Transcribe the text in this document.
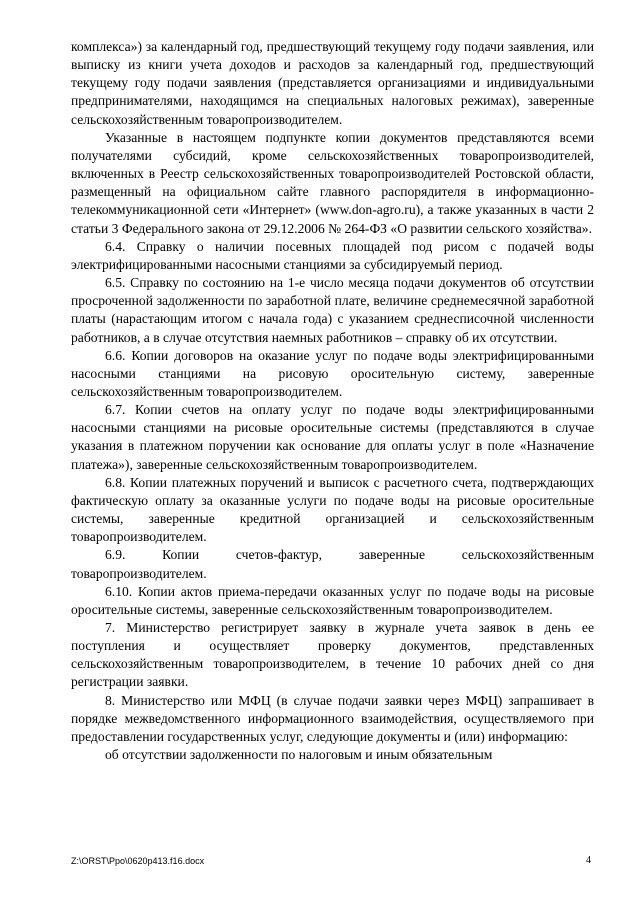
комплекса») за календарный год, предшествующий текущему году подачи заявления, или выписку из книги учета доходов и расходов за календарный год, предшествующий текущему году подачи заявления (представляется организациями и индивидуальными предпринимателями, находящимся на специальных налоговых режимах), заверенные сельскохозяйственным товаропроизводителем.

Указанные в настоящем подпункте копии документов представляются всеми получателями субсидий, кроме сельскохозяйственных товаропроизводителей, включенных в Реестр сельскохозяйственных товаропроизводителей Ростовской области, размещенный на официальном сайте главного распорядителя в информационно-телекоммуникационной сети «Интернет» (www.don-agro.ru), а также указанных в части 2 статьи 3 Федерального закона от 29.12.2006 № 264-ФЗ «О развитии сельского хозяйства».

6.4. Справку о наличии посевных площадей под рисом с подачей воды электрифицированными насосными станциями за субсидируемый период.

6.5. Справку по состоянию на 1-е число месяца подачи документов об отсутствии просроченной задолженности по заработной плате, величине среднемесячной заработной платы (нарастающим итогом с начала года) с указанием среднесписочной численности работников, а в случае отсутствия наемных работников – справку об их отсутствии.

6.6. Копии договоров на оказание услуг по подаче воды электрифицированными насосными станциями на рисовую оросительную систему, заверенные сельскохозяйственным товаропроизводителем.

6.7. Копии счетов на оплату услуг по подаче воды электрифицированными насосными станциями на рисовые оросительные системы (представляются в случае указания в платежном поручении как основание для оплаты услуг в поле «Назначение платежа»), заверенные сельскохозяйственным товаропроизводителем.

6.8. Копии платежных поручений и выписок с расчетного счета, подтверждающих фактическую оплату за оказанные услуги по подаче воды на рисовые оросительные системы, заверенные кредитной организацией и сельскохозяйственным товаропроизводителем.

6.9. Копии счетов-фактур, заверенные сельскохозяйственным товаропроизводителем.

6.10. Копии актов приема-передачи оказанных услуг по подаче воды на рисовые оросительные системы, заверенные сельскохозяйственным товаропроизводителем.

7. Министерство регистрирует заявку в журнале учета заявок в день ее поступления и осуществляет проверку документов, представленных сельскохозяйственным товаропроизводителем, в течение 10 рабочих дней со дня регистрации заявки.

8. Министерство или МФЦ (в случае подачи заявки через МФЦ) запрашивает в порядке межведомственного информационного взаимодействия, осуществляемого при предоставлении государственных услуг, следующие документы и (или) информацию:

об отсутствии задолженности по налоговым и иным обязательным

Z:\ORST\Ppo\0620p413.f16.docx	4
